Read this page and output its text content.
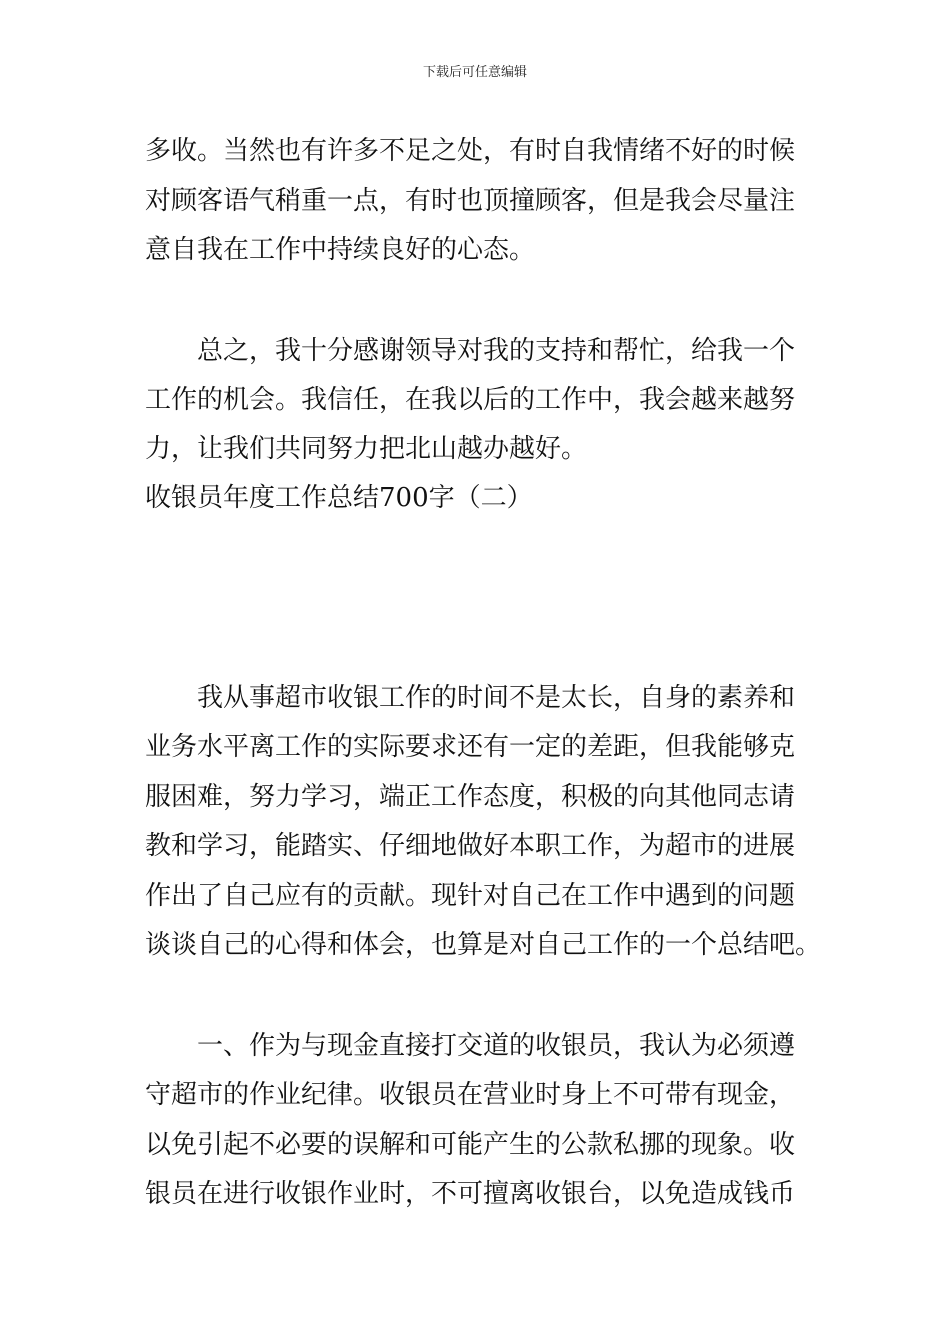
下载后可任意编辑
多收。当然也有许多不足之处，有时自我情绪不好的时候
对顾客语气稍重一点，有时也顶撞顾客，但是我会尽量注
意自我在工作中持续良好的心态。
总之，我十分感谢领导对我的支持和帮忙，给我一个
工作的机会。我信任，在我以后的工作中，我会越来越努
力，让我们共同努力把北山越办越好。
收银员年度工作总结700字（二）
我从事超市收银工作的时间不是太长，自身的素养和
业务水平离工作的实际要求还有一定的差距，但我能够克
服困难，努力学习，端正工作态度，积极的向其他同志请
教和学习，能踏实、仔细地做好本职工作，为超市的进展
作出了自己应有的贡献。现针对自己在工作中遇到的问题
谈谈自己的心得和体会，也算是对自己工作的一个总结吧。
一、作为与现金直接打交道的收银员，我认为必须遵
守超市的作业纪律。收银员在营业时身上不可带有现金，
以免引起不必要的误解和可能产生的公款私挪的现象。收
银员在进行收银作业时，不可擅离收银台，以免造成钱币
